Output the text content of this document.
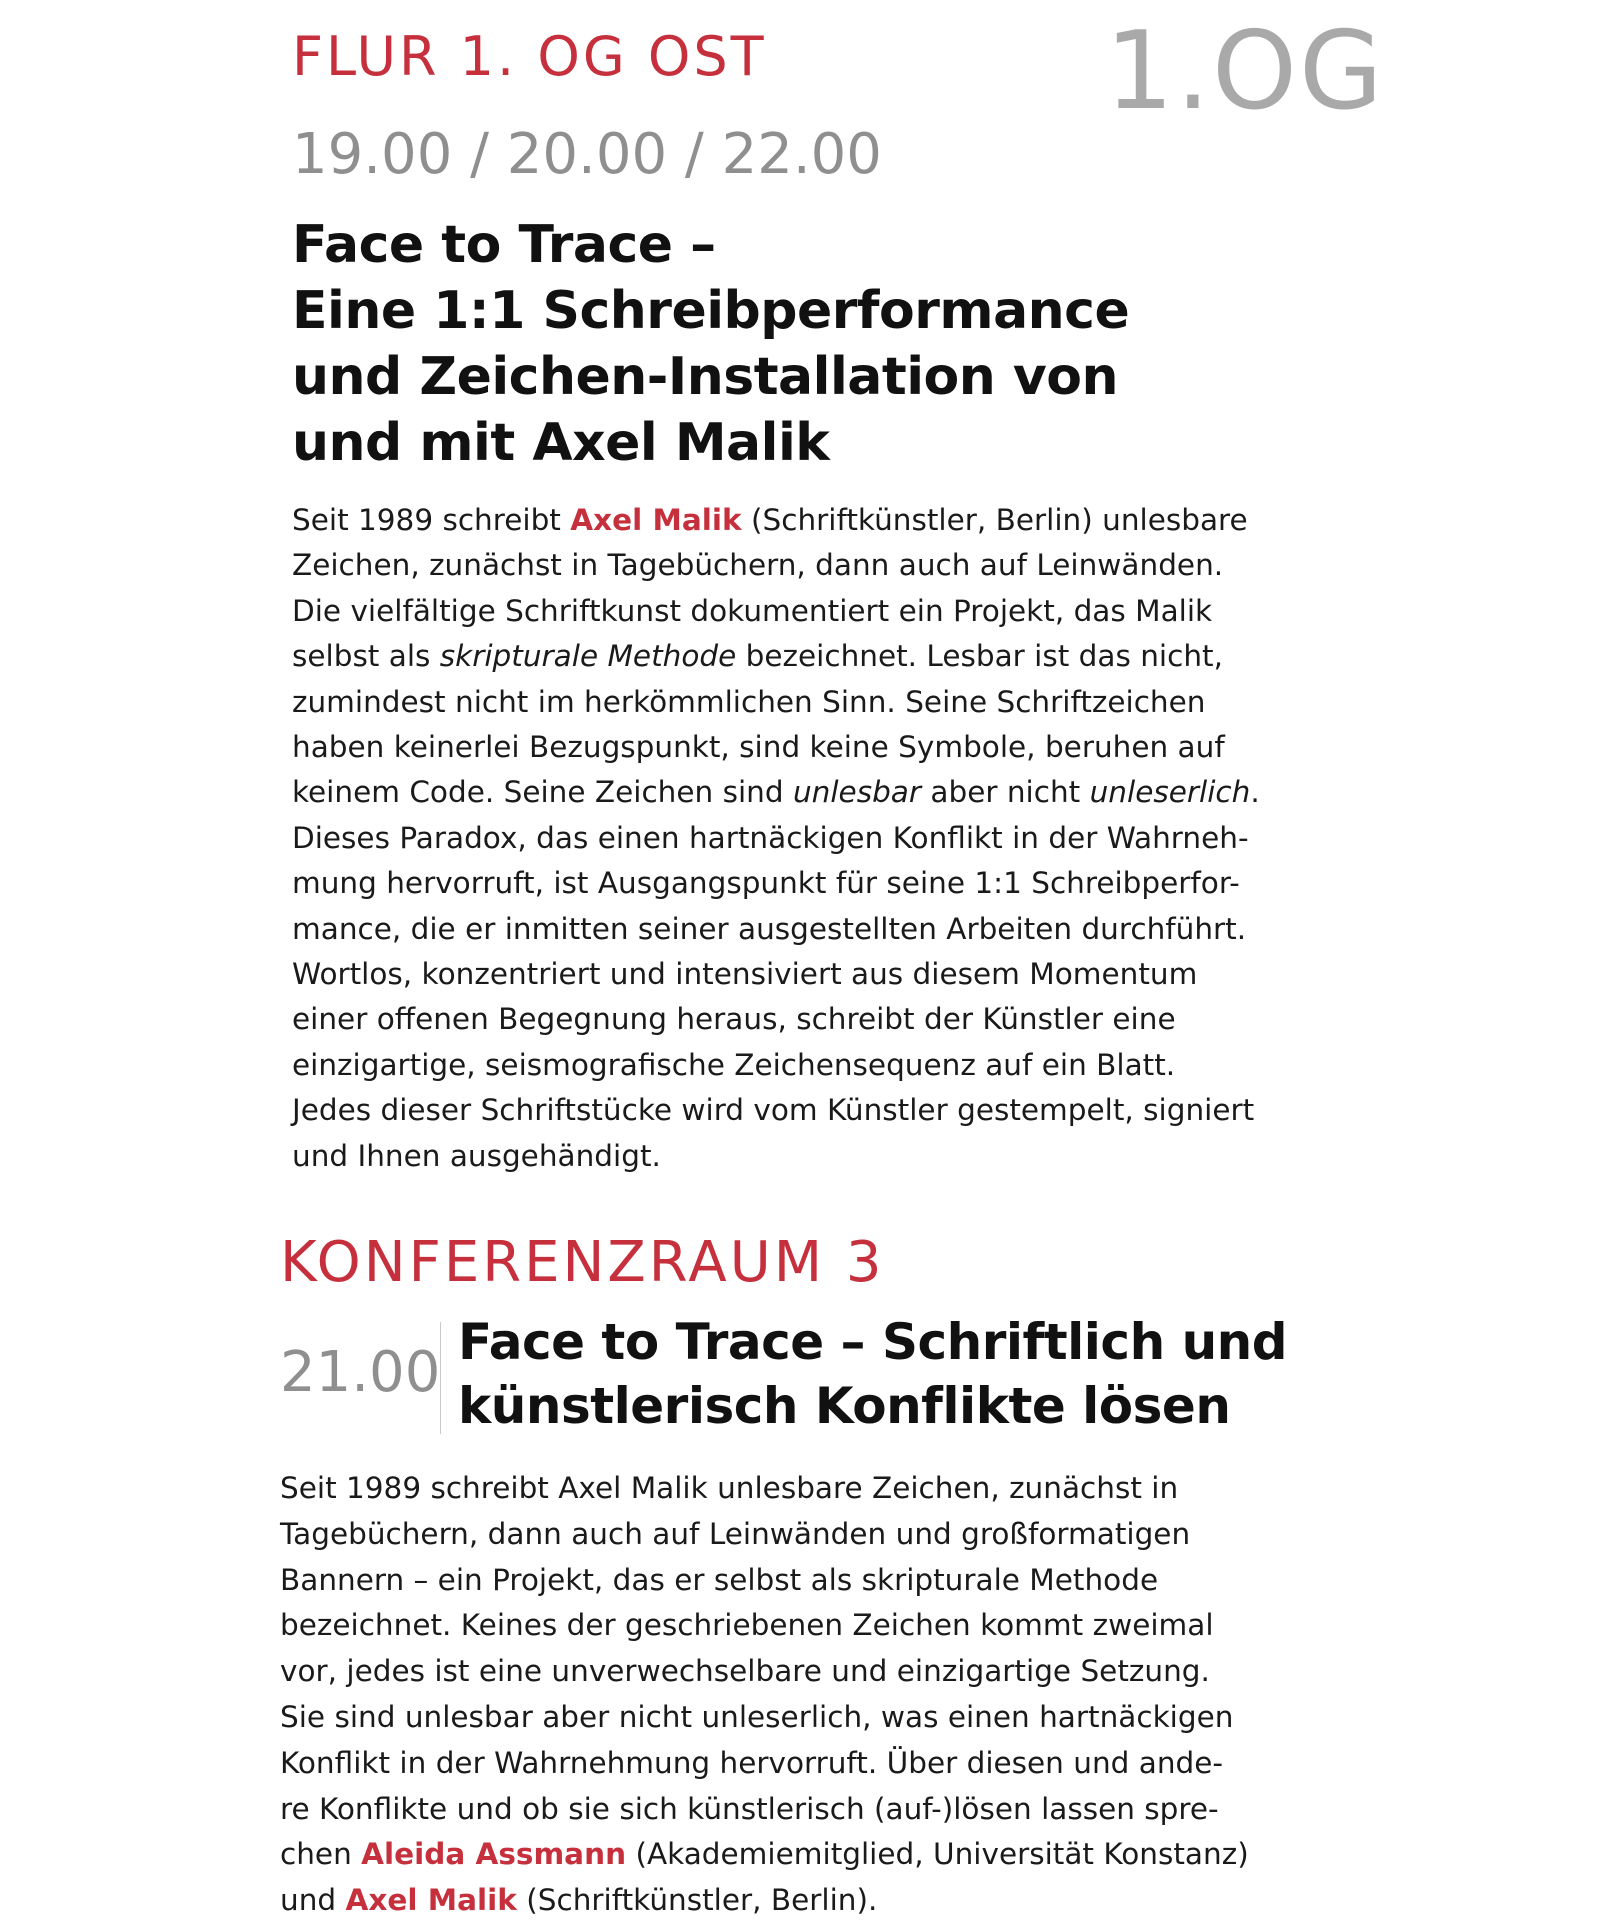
FLUR 1. OG OST	1.OG
19.00 / 20.00 / 22.00
Face to Trace –
Eine 1:1 Schreibperformance
und Zeichen-Installation von
und mit Axel Malik
Seit 1989 schreibt Axel Malik (Schriftkünstler, Berlin) unlesbare
Zeichen, zunächst in Tagebüchern, dann auch auf Leinwänden.
Die vielfältige Schriftkunst dokumentiert ein Projekt, das Malik
selbst als skripturale Methode bezeichnet. Lesbar ist das nicht,
zumindest nicht im herkömmlichen Sinn. Seine Schriftzeichen
haben keinerlei Bezugspunkt, sind keine Symbole, beruhen auf
keinem Code. Seine Zeichen sind unlesbar aber nicht unleserlich.
Dieses Paradox, das einen hartnäckigen Konflikt in der Wahrneh-
mung hervorruft, ist Ausgangspunkt für seine 1:1 Schreibperfor-
mance, die er inmitten seiner ausgestellten Arbeiten durchführt.
Wortlos, konzentriert und intensiviert aus diesem Momentum
einer offenen Begegnung heraus, schreibt der Künstler eine
einzigartige, seismografische Zeichensequenz auf ein Blatt.
Jedes dieser Schriftstücke wird vom Künstler gestempelt, signiert
und Ihnen ausgehändigt.
KONFERENZRAUM 3
21.00 Face to Trace – Schriftlich und
künstlerisch Konflikte lösen
Seit 1989 schreibt Axel Malik unlesbare Zeichen, zunächst in
Tagebüchern, dann auch auf Leinwänden und großformatigen
Bannern – ein Projekt, das er selbst als skripturale Methode
bezeichnet. Keines der geschriebenen Zeichen kommt zweimal
vor, jedes ist eine unverwechselbare und einzigartige Setzung.
Sie sind unlesbar aber nicht unleserlich, was einen hartnäckigen
Konflikt in der Wahrnehmung hervorruft. Über diesen und ande-
re Konflikte und ob sie sich künstlerisch (auf-)lösen lassen spre-
chen Aleida Assmann (Akademiemitglied, Universität Konstanz)
und Axel Malik (Schriftkünstler, Berlin).
